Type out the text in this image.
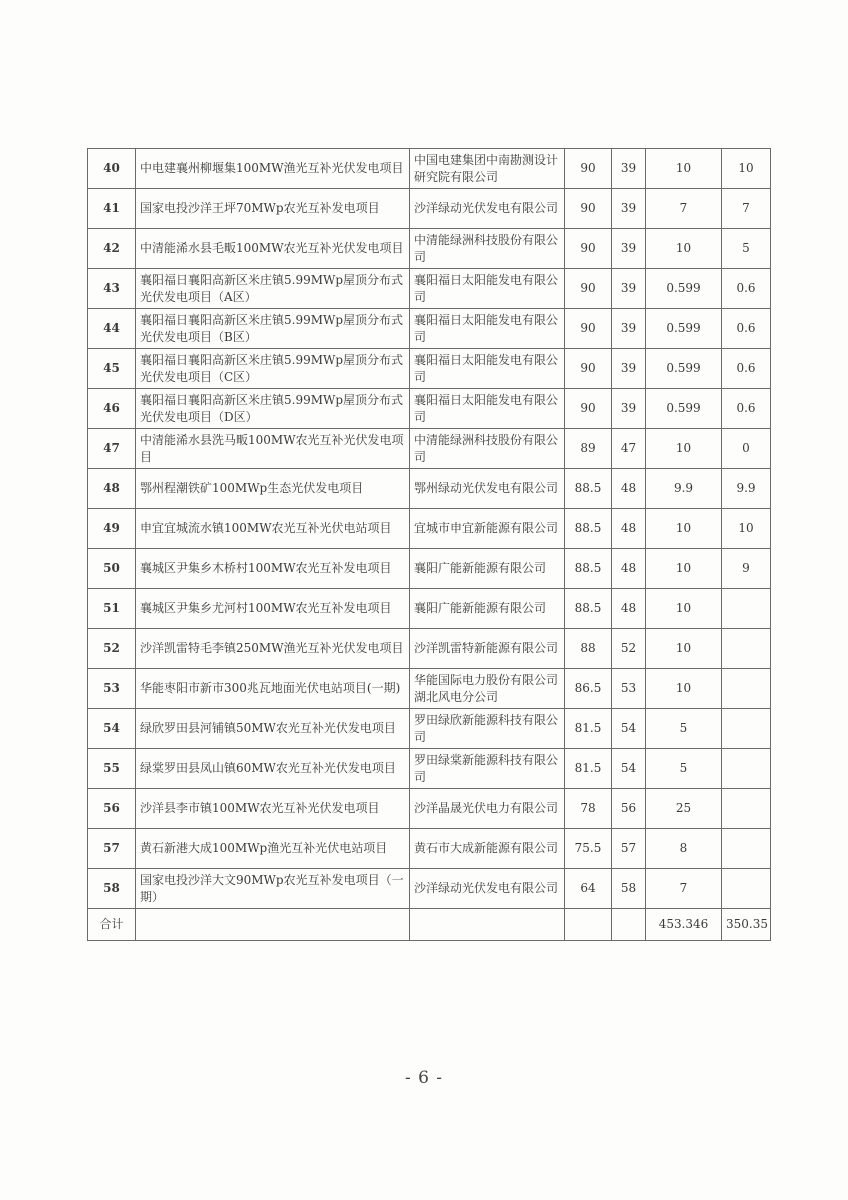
40	中电建襄州柳堰集100MW渔光互补光伏发电项目	中国电建集团中南勘测设计研究院有限公司	90	39	10	10
41	国家电投沙洋王坪70MWp农光互补发电项目	沙洋绿动光伏发电有限公司	90	39	7	7
42	中清能浠水县毛畈100MW农光互补光伏发电项目	中清能绿洲科技股份有限公司	90	39	10	5
43	襄阳福日襄阳高新区米庄镇5.99MWp屋顶分布式光伏发电项目（A区）	襄阳福日太阳能发电有限公司	90	39	0.599	0.6
44	襄阳福日襄阳高新区米庄镇5.99MWp屋顶分布式光伏发电项目（B区）	襄阳福日太阳能发电有限公司	90	39	0.599	0.6
45	襄阳福日襄阳高新区米庄镇5.99MWp屋顶分布式光伏发电项目（C区）	襄阳福日太阳能发电有限公司	90	39	0.599	0.6
46	襄阳福日襄阳高新区米庄镇5.99MWp屋顶分布式光伏发电项目（D区）	襄阳福日太阳能发电有限公司	90	39	0.599	0.6
47	中清能浠水县洗马畈100MW农光互补光伏发电项目	中清能绿洲科技股份有限公司	89	47	10	0
48	鄂州程潮铁矿100MWp生态光伏发电项目	鄂州绿动光伏发电有限公司	88.5	48	9.9	9.9
49	申宜宜城流水镇100MW农光互补光伏电站项目	宜城市申宜新能源有限公司	88.5	48	10	10
50	襄城区尹集乡木桥村100MW农光互补发电项目	襄阳广能新能源有限公司	88.5	48	10	9
51	襄城区尹集乡尤河村100MW农光互补发电项目	襄阳广能新能源有限公司	88.5	48	10	
52	沙洋凯雷特毛李镇250MW渔光互补光伏发电项目	沙洋凯雷特新能源有限公司	88	52	10	
53	华能枣阳市新市300兆瓦地面光伏电站项目(一期)	华能国际电力股份有限公司湖北风电分公司	86.5	53	10	
54	绿欣罗田县河铺镇50MW农光互补光伏发电项目	罗田绿欣新能源科技有限公司	81.5	54	5	
55	绿棠罗田县凤山镇60MW农光互补光伏发电项目	罗田绿棠新能源科技有限公司	81.5	54	5	
56	沙洋县李市镇100MW农光互补光伏发电项目	沙洋晶晟光伏电力有限公司	78	56	25	
57	黄石新港大成100MWp渔光互补光伏电站项目	黄石市大成新能源有限公司	75.5	57	8	
58	国家电投沙洋大文90MWp农光互补发电项目（一期）	沙洋绿动光伏发电有限公司	64	58	7	
合计					453.346	350.35
- 6 -
